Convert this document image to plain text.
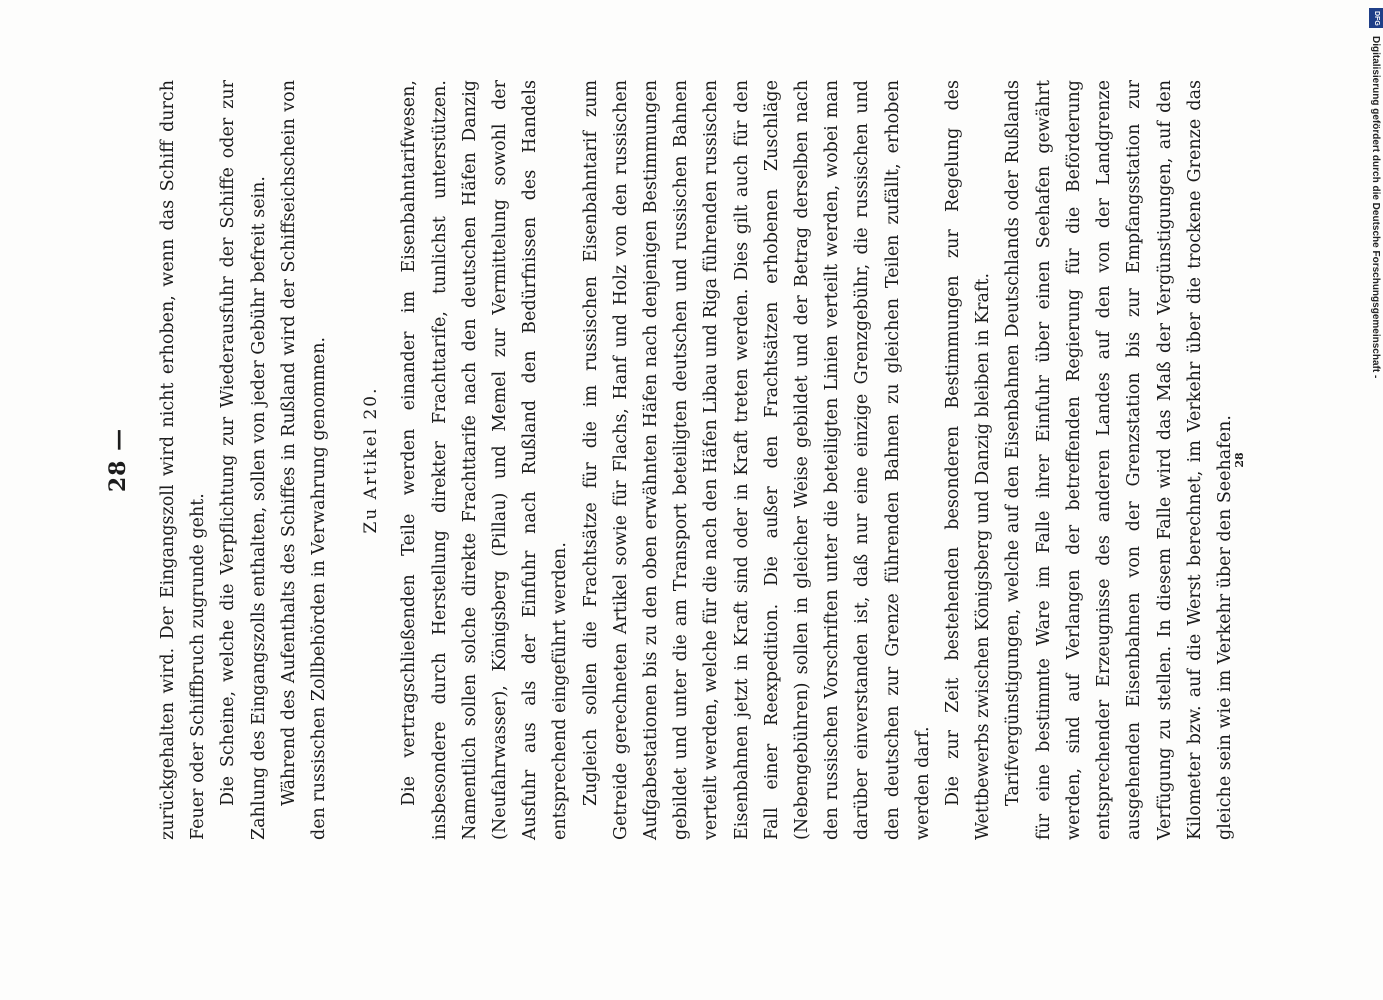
28 — zurückgehalten wird. Der Eingangszoll wird nicht erhoben, wenn das Schiff durch Feuer oder Schiffbruch zugrunde geht. Die Scheine, welche die Verpflichtung zur Wiederausfuhr der Schiffe oder zur Zahlung des Eingangszolls enthalten, sollen von jeder Gebühr befreit sein. Während des Aufenthalts des Schiffes in Rußland wird der Schiffseichschein von den russischen Zollbehörden in Verwahrung genommen.	Zu Artikel 20. Die vertragschließenden Teile werden einander im Eisenbahntarifwesen, insbesondere durch Herstellung direkter Frachttarife, tunlichst unterstützen. Namentlich sollen solche direkte Frachttarife nach den deutschen Häfen Danzig (Neufahrwasser), Königsberg (Pillau) und Memel zur Vermittelung sowohl der Ausfuhr aus als der Einfuhr nach Rußland den Bedürfnissen des Handels entsprechend eingeführt werden. Zugleich sollen die Frachtsätze für die im russischen Eisenbahntarif zum Getreide gerechneten Artikel sowie für Flachs, Hanf und Holz von den russischen Aufgabestationen bis zu den oben erwähnten Häfen nach denjenigen Bestimmungen gebildet und unter die am Transport beteiligten deutschen und russischen Bahnen verteilt werden, welche für die nach den Häfen Libau und Riga führenden russischen Eisenbahnen jetzt in Kraft sind oder in Kraft treten werden. Dies gilt auch für den Fall einer Reexpedition. Die außer den Frachtsätzen erhobenen Zuschläge (Nebengebühren) sollen in gleicher Weise gebildet und der Betrag derselben nach den russischen Vorschriften unter die beteiligten Linien verteilt werden, wobei man darüber einverstanden ist, daß nur eine einzige Grenzgebühr, die russischen und den deutschen zur Grenze führenden Bahnen zu gleichen Teilen zufällt, erhoben werden darf. Die zur Zeit bestehenden besonderen Bestimmungen zur Regelung des Wettbewerbs zwischen Königsberg und Danzig bleiben in Kraft. Tarifvergünstigungen, welche auf den Eisenbahnen Deutschlands oder Rußlands für eine bestimmte Ware im Falle ihrer Einfuhr über einen Seehafen gewährt werden, sind auf Verlangen der betreffenden Regierung für die Beförderung entsprechender Erzeugnisse des anderen Landes auf den von der Landgrenze ausgehenden Eisenbahnen von der Grenzstation bis zur Empfangsstation zur Verfügung zu stellen. In diesem Falle wird das Maß der Vergünstigungen, auf den Kilometer bzw. auf die Werst berechnet, im Verkehr über die trockene Grenze das gleiche sein wie im Verkehr über den Seehafen.

28
DFG
Digitalisierung gefördert durch die Deutsche Forschungsgemeinschaft -
